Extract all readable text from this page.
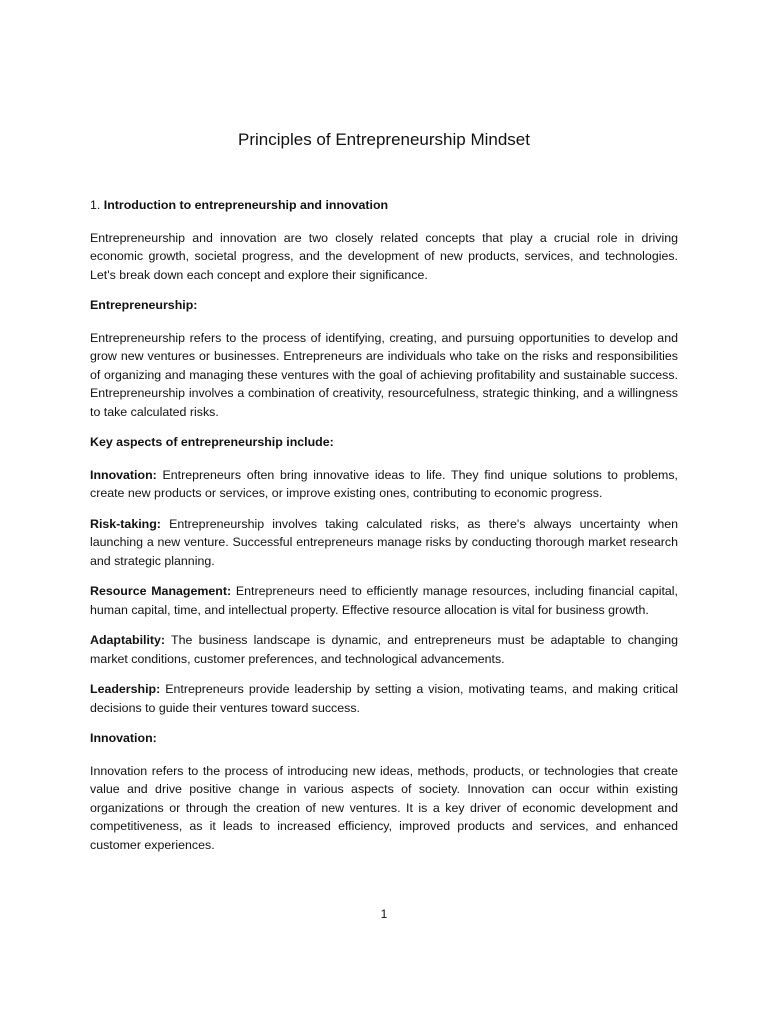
Principles of Entrepreneurship Mindset

1. Introduction to entrepreneurship and innovation

Entrepreneurship and innovation are two closely related concepts that play a crucial role in driving economic growth, societal progress, and the development of new products, services, and technologies. Let's break down each concept and explore their significance.

Entrepreneurship:

Entrepreneurship refers to the process of identifying, creating, and pursuing opportunities to develop and grow new ventures or businesses. Entrepreneurs are individuals who take on the risks and responsibilities of organizing and managing these ventures with the goal of achieving profitability and sustainable success. Entrepreneurship involves a combination of creativity, resourcefulness, strategic thinking, and a willingness to take calculated risks.

Key aspects of entrepreneurship include:

Innovation: Entrepreneurs often bring innovative ideas to life. They find unique solutions to problems, create new products or services, or improve existing ones, contributing to economic progress.

Risk-taking: Entrepreneurship involves taking calculated risks, as there's always uncertainty when launching a new venture. Successful entrepreneurs manage risks by conducting thorough market research and strategic planning.

Resource Management: Entrepreneurs need to efficiently manage resources, including financial capital, human capital, time, and intellectual property. Effective resource allocation is vital for business growth.

Adaptability: The business landscape is dynamic, and entrepreneurs must be adaptable to changing market conditions, customer preferences, and technological advancements.

Leadership: Entrepreneurs provide leadership by setting a vision, motivating teams, and making critical decisions to guide their ventures toward success.

Innovation:

Innovation refers to the process of introducing new ideas, methods, products, or technologies that create value and drive positive change in various aspects of society. Innovation can occur within existing organizations or through the creation of new ventures. It is a key driver of economic development and competitiveness, as it leads to increased efficiency, improved products and services, and enhanced customer experiences.

1
